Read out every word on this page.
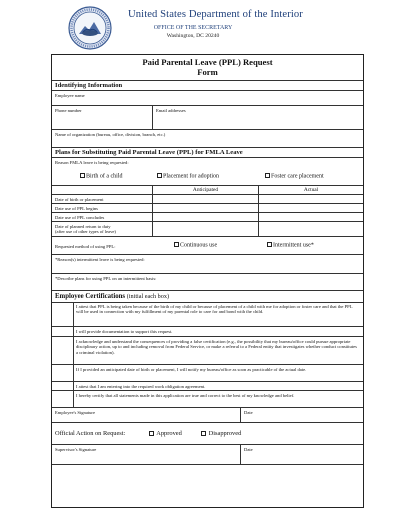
United States Department of the Interior
OFFICE OF THE SECRETARY
Washington, DC 20240
Paid Parental Leave (PPL) Request
Form
Identifying Information
Employee name
Phone number	Email addresses
Name of organization (bureau, office, division, branch, etc.)
Plans for Substituting Paid Parental Leave (PPL) for FMLA Leave
Reason FMLA leave is being requested:
Birth of a child	Placement for adoption	Foster care placement
Anticipated	Actual
Date of birth or placement
Date use of PPL begins
Date use of PPL concludes
Date of planned return to duty
(after use of other types of leave)
Requested method of using PPL:	Continuous use	Intermittent use*
*Reason(s) intermittent leave is being requested:
*Describe plans for using PPL on an intermittent basis:
Employee Certifications (initial each box)
I attest that PPL is being taken because of the birth of my child or because of placement of a child with me for adoption or foster care and that the PPL will be used in connection with my fulfillment of my parental role to care for and bond with the child.
I will provide documentation to support this request.
I acknowledge and understand the consequences of providing a false certification (e.g., the possibility that my bureau/office could pursue appropriate disciplinary action, up to and including removal from Federal Service, or make a referral to a Federal entity that investigates whether conduct constitutes a criminal violation).
If I provided an anticipated date of birth or placement, I will notify my bureau/office as soon as practicable of the actual date.
I attest that I am entering into the required work obligation agreement.
I hereby certify that all statements made in this application are true and correct to the best of my knowledge and belief.
Employee's Signature	Date
Official Action on Request:	Approved	Disapproved
Supervisor's Signature	Date
